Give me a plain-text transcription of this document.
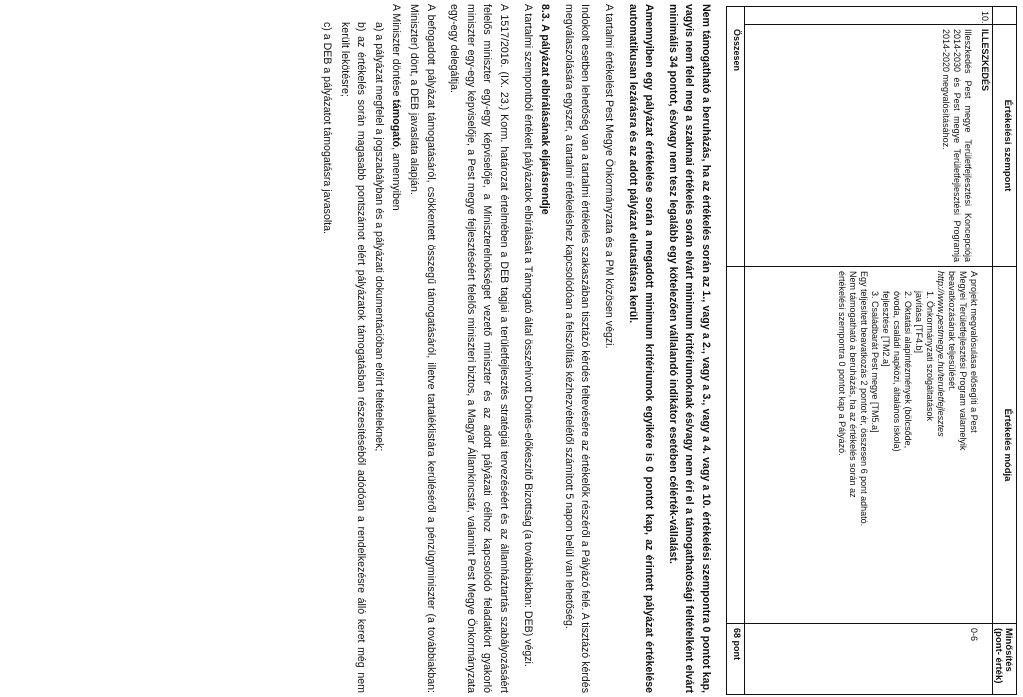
Értékelési szempont
Értékelés módja
Minősítés (pont- érték)
10.
ILLESZKEDÉS
Illeszkedés Pest megye Területfejlesztési Koncepciója 2014-2030 és Pest megye Területfejlesztési Programja 2014-2020 megvalósításához.
A projekt megvalósulása elősegíti a Pest
Megyei Területfejlesztési Program valamelyik
beavatkozásának teljesülését.
http://www.pestmegye.hu/teruletfejlesztes
1. Önkormányzati szolgáltatások
javítása [TF4.b]
2. Oktatási alapintézmények (bölcsőde,
óvoda, családi napközi, általános iskola)
fejlesztése [TM2.a]
3. Családbarát Pest megye [TM5.a]
Egy teljesített beavatkozás 2 pontot ér, összesen 6 pont adható.
Nem támogatható a beruházás, ha az értékelés során az
értékelési szempontra 0 pontot kap a Pályázó.
0-6
Összesen
68 pont

Nem támogatható a beruházás, ha az értékelés során az 1., vagy a 2., vagy a 3., vagy a 4. vagy a 10. értékelési szempontra 0 pontot kap, vagyis nem felel meg a szakmai értékelés során elvárt minimum kritériumoknak és/vagy nem éri el a támogathatósági feltételként elvárt minimális 34 pontot, és/vagy nem tesz legalább egy kötelezően vállalandó indikátor esetében célérték-vállalást.

Amennyiben egy pályázat értékelése során a megadott minimum kritériumok egyikére is 0 pontot kap, az érintett pályázat értékelése automatikusan lezárásra és az adott pályázat elutasításra kerül.

A tartalmi értékelést Pest Megye Önkormányzata és a PM közösen végzi.

Indokolt esetben lehetőség van a tartalmi értékelés szakaszában tisztázó kérdés feltevésére az értékelők részéről a Pályázó felé. A tisztázó kérdés megválaszolására egyszer, a tartalmi értékeléshez kapcsolódóan a felszólítás kézhezvételétől számított 5 napon belül van lehetőség.

8.3. A pályázat elbírálásának eljárásrendje

A tartalmi szempontból értékelt pályázatok elbírálását a Támogató által összehívott Döntés-előkészítő Bizottság (a továbbiakban: DEB) végzi.

A 1517/2016. (IX. 23.) Korm. határozat értelmében a DEB tagjai a területfejlesztés stratégiai tervezéséért és az államháztartás szabályozásáért felelős miniszter egy-egy képviselője, a Miniszterelnökséget vezető miniszter és az adott pályázati célhoz kapcsolódó feladatkört gyakorló miniszter egy-egy képviselője, a Pest megye fejlesztéséért felelős miniszteri biztos, a Magyar Államkincstár, valamint Pest Megye Önkormányzata egy-egy delegáltja.

A befogadott pályázat támogatásáról, csökkentett összegű támogatásáról, illetve tartaléklistára kerüléséről a pénzügyminiszter (a továbbiakban: Miniszter) dönt, a DEB javaslata alapján.

A Miniszter döntése támogató, amennyiben

a) a pályázat megfelel a jogszabályban és a pályázati dokumentációban előírt feltételeknek;

b) az értékelés során magasabb pontszámot elért pályázatok támogatásban részesítéséből adódóan a rendelkezésre álló keret még nem került lekötésre;

c) a DEB a pályázatot támogatásra javasolta.
